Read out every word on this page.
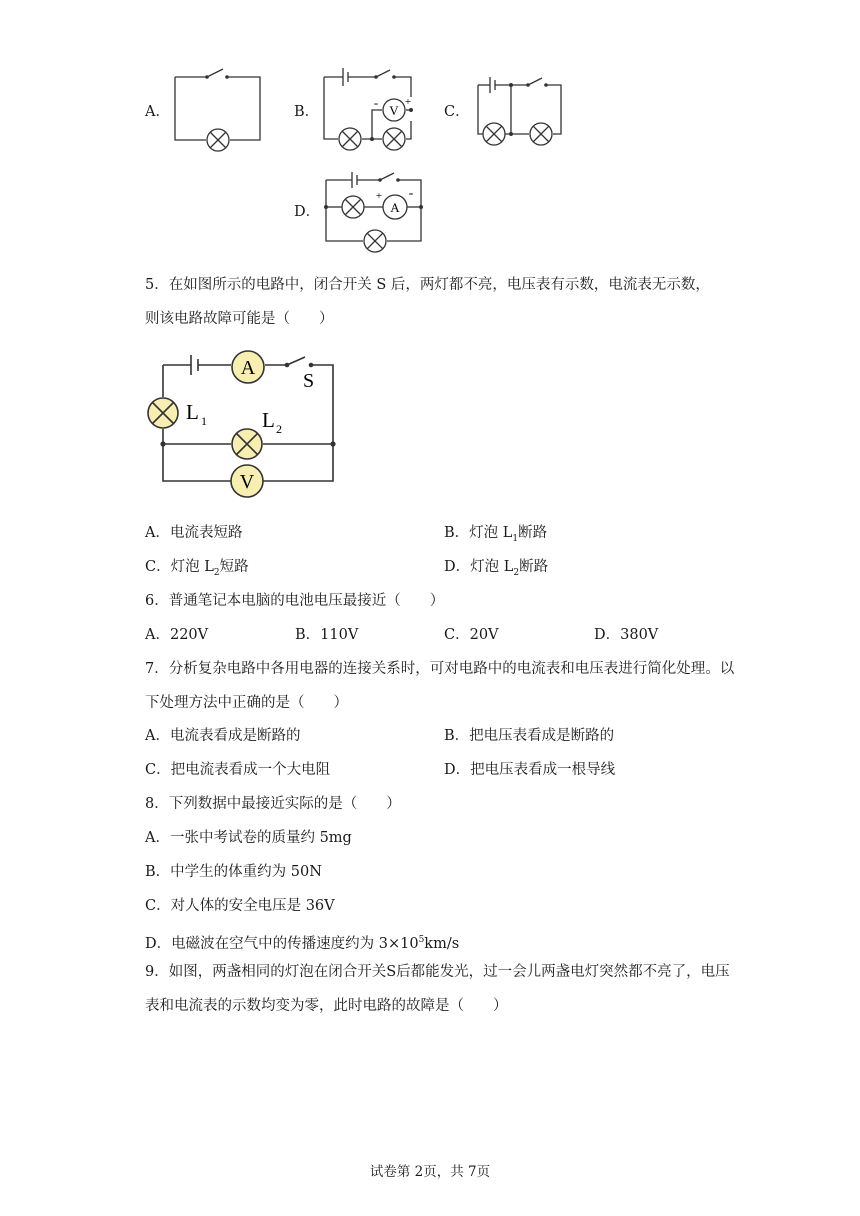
A．	B．	V
- +
C．
D．	A
+ -
5．在如图所示的电路中，闭合开关 S 后，两灯都不亮，电压表有示数，电流表无示数，则该电路故障可能是（　　）
A
V
S
L 1	L 2
A．电流表短路	B．灯泡 $L_1$断路
C．灯泡 $L_2$短路	D．灯泡 $L_2$断路
6．普通笔记本电脑的电池电压最接近（　　）
A．220V	B．110V	C．20V	D．380V
7．分析复杂电路中各用电器的连接关系时，可对电路中的电流表和电压表进行简化处理。以下处理方法中正确的是（　　）
A．电流表看成是断路的	B．把电压表看成是断路的
C．把电流表看成一个大电阻	D．把电压表看成一根导线
8．下列数据中最接近实际的是（　　）
A．一张中考试卷的质量约 5mg
B．中学生的体重约为 50N
C．对人体的安全电压是 36V
D．电磁波在空气中的传播速度约为 $3\times 10^5km/s$
9．如图，两盏相同的灯泡在闭合开关S后都能发光，过一会儿两盏电灯突然都不亮了，电压表和电流表的示数均变为零，此时电路的故障是（　　）
试卷第 2页，共 7页
